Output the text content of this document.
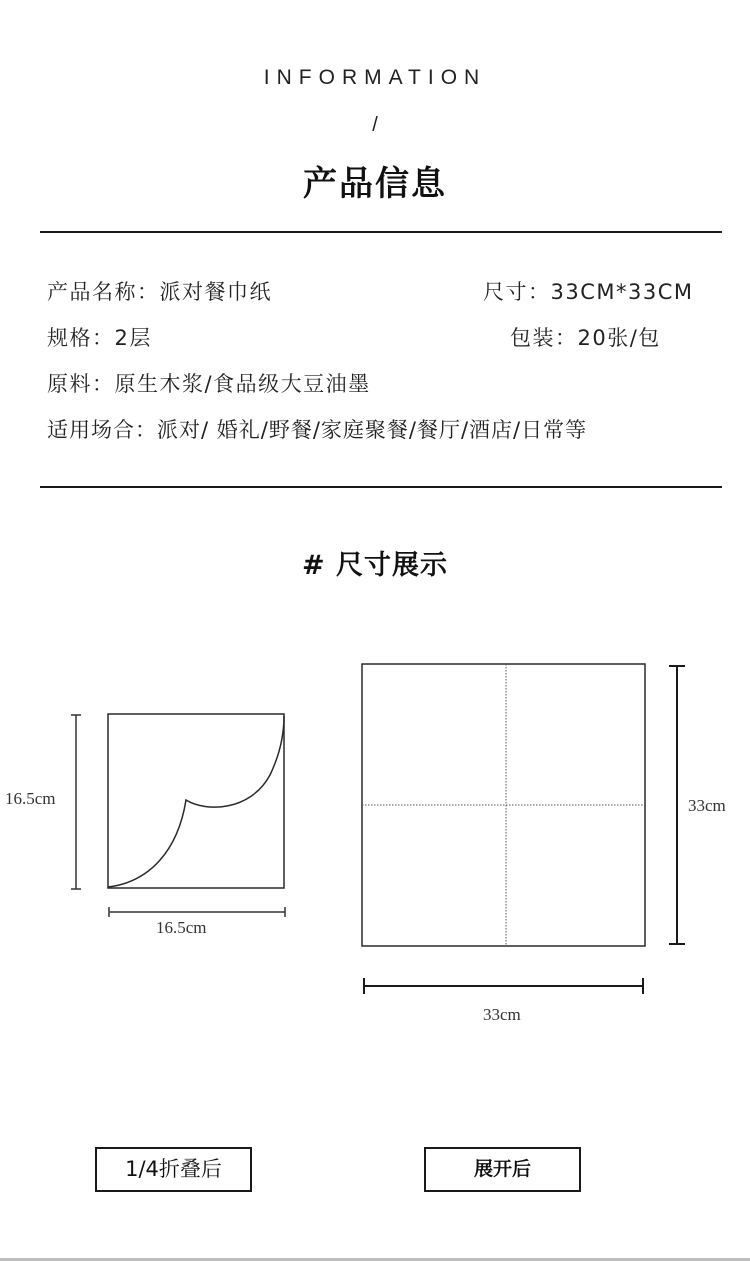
INFORMATION
/
产品信息
产品名称：派对餐巾纸	尺寸：33CM*33CM
规格：2层	包装：20张/包
原料：原生木浆/食品级大豆油墨
适用场合：派对/ 婚礼/野餐/家庭聚餐/餐厅/酒店/日常等
# 尺寸展示
16.5cm
16.5cm
33cm
33cm
1/4折叠后	展开后
